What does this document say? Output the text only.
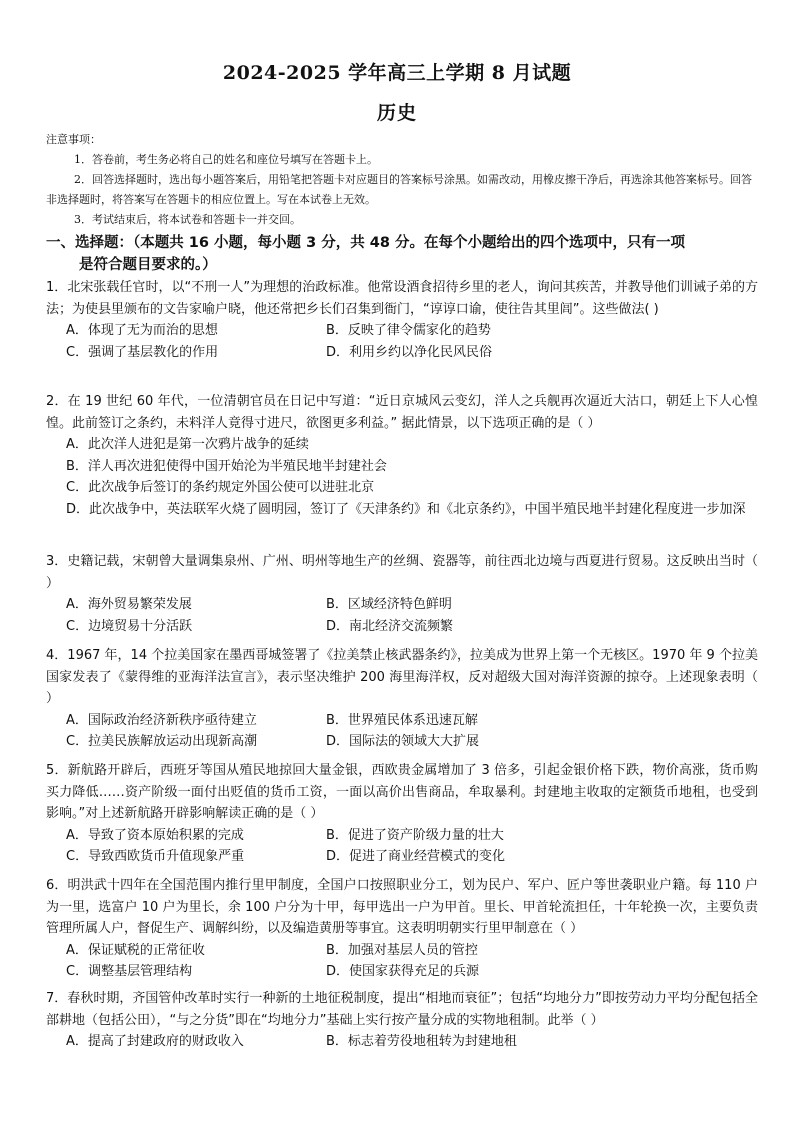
2024-2025 学年高三上学期 8 月试题
历史
注意事项：
1．答卷前，考生务必将自己的姓名和座位号填写在答题卡上。
2．回答选择题时，选出每小题答案后，用铅笔把答题卡对应题目的答案标号涂黑。如需改动，用橡皮擦干净后，再选涂其他答案标号。回答非选择题时，将答案写在答题卡的相应位置上。写在本试卷上无效。
3．考试结束后，将本试卷和答题卡一并交回。
一、选择题：（本题共 16 小题，每小题 3 分，共 48 分。在每个小题给出的四个选项中，只有一项
是符合题目要求的。）
1．北宋张载任官时，以“不刑一人”为理想的治政标准。他常设酒食招待乡里的老人，询问其疾苦，并教导他们训诫子弟的方法；为使县里颁布的文告家喻户晓，他还常把乡长们召集到衙门，“谆谆口谕，使往告其里闾”。这些做法( )
A．体现了无为而治的思想	B．反映了律令儒家化的趋势
C．强调了基层教化的作用	D．利用乡约以净化民风民俗
2．在 19 世纪 60 年代，一位清朝官员在日记中写道：“近日京城风云变幻，洋人之兵舰再次逼近大沽口，朝廷上下人心惶惶。此前签订之条约，未料洋人竟得寸进尺，欲图更多利益。” 据此情景，以下选项正确的是（ ）
A．此次洋人进犯是第一次鸦片战争的延续
B．洋人再次进犯使得中国开始沦为半殖民地半封建社会
C．此次战争后签订的条约规定外国公使可以进驻北京
D．此次战争中，英法联军火烧了圆明园，签订了《天津条约》和《北京条约》，中国半殖民地半封建化程度进一步加深
3．史籍记载，宋朝曾大量调集泉州、广州、明州等地生产的丝绸、瓷器等，前往西北边境与西夏进行贸易。这反映出当时（ ）
A．海外贸易繁荣发展	B．区域经济特色鲜明
C．边境贸易十分活跃	D．南北经济交流频繁
4．1967 年，14 个拉美国家在墨西哥城签署了《拉美禁止核武器条约》，拉美成为世界上第一个无核区。1970 年 9 个拉美国家发表了《蒙得维的亚海洋法宣言》，表示坚决维护 200 海里海洋权，反对超级大国对海洋资源的掠夺。上述现象表明（ ）
A．国际政治经济新秩序亟待建立	B．世界殖民体系迅速瓦解
C．拉美民族解放运动出现新高潮	D．国际法的领域大大扩展
5．新航路开辟后，西班牙等国从殖民地掠回大量金银，西欧贵金属增加了 3 倍多，引起金银价格下跌，物价高涨，货币购买力降低……资产阶级一面付出贬值的货币工资，一面以高价出售商品，牟取暴利。封建地主收取的定额货币地租，也受到影响。”对上述新航路开辟影响解读正确的是（ ）
A．导致了资本原始积累的完成	B．促进了资产阶级力量的壮大
C．导致西欧货币升值现象严重	D．促进了商业经营模式的变化
6．明洪武十四年在全国范围内推行里甲制度，全国户口按照职业分工，划为民户、军户、匠户等世袭职业户籍。每 110 户为一里，选富户 10 户为里长，余 100 户分为十甲，每甲选出一户为甲首。里长、甲首轮流担任，十年轮换一次，主要负责管理所属人户，督促生产、调解纠纷，以及编造黄册等事宜。这表明明朝实行里甲制意在（ ）
A．保证赋税的正常征收	B．加强对基层人员的管控
C．调整基层管理结构	D．使国家获得充足的兵源
7．春秋时期，齐国管仲改革时实行一种新的土地征税制度，提出“相地而衰征”；包括“均地分力”即按劳动力平均分配包括全部耕地（包括公田），“与之分货”即在“均地分力”基础上实行按产量分成的实物地租制。此举（ ）
A．提高了封建政府的财政收入	B．标志着劳役地租转为封建地租
